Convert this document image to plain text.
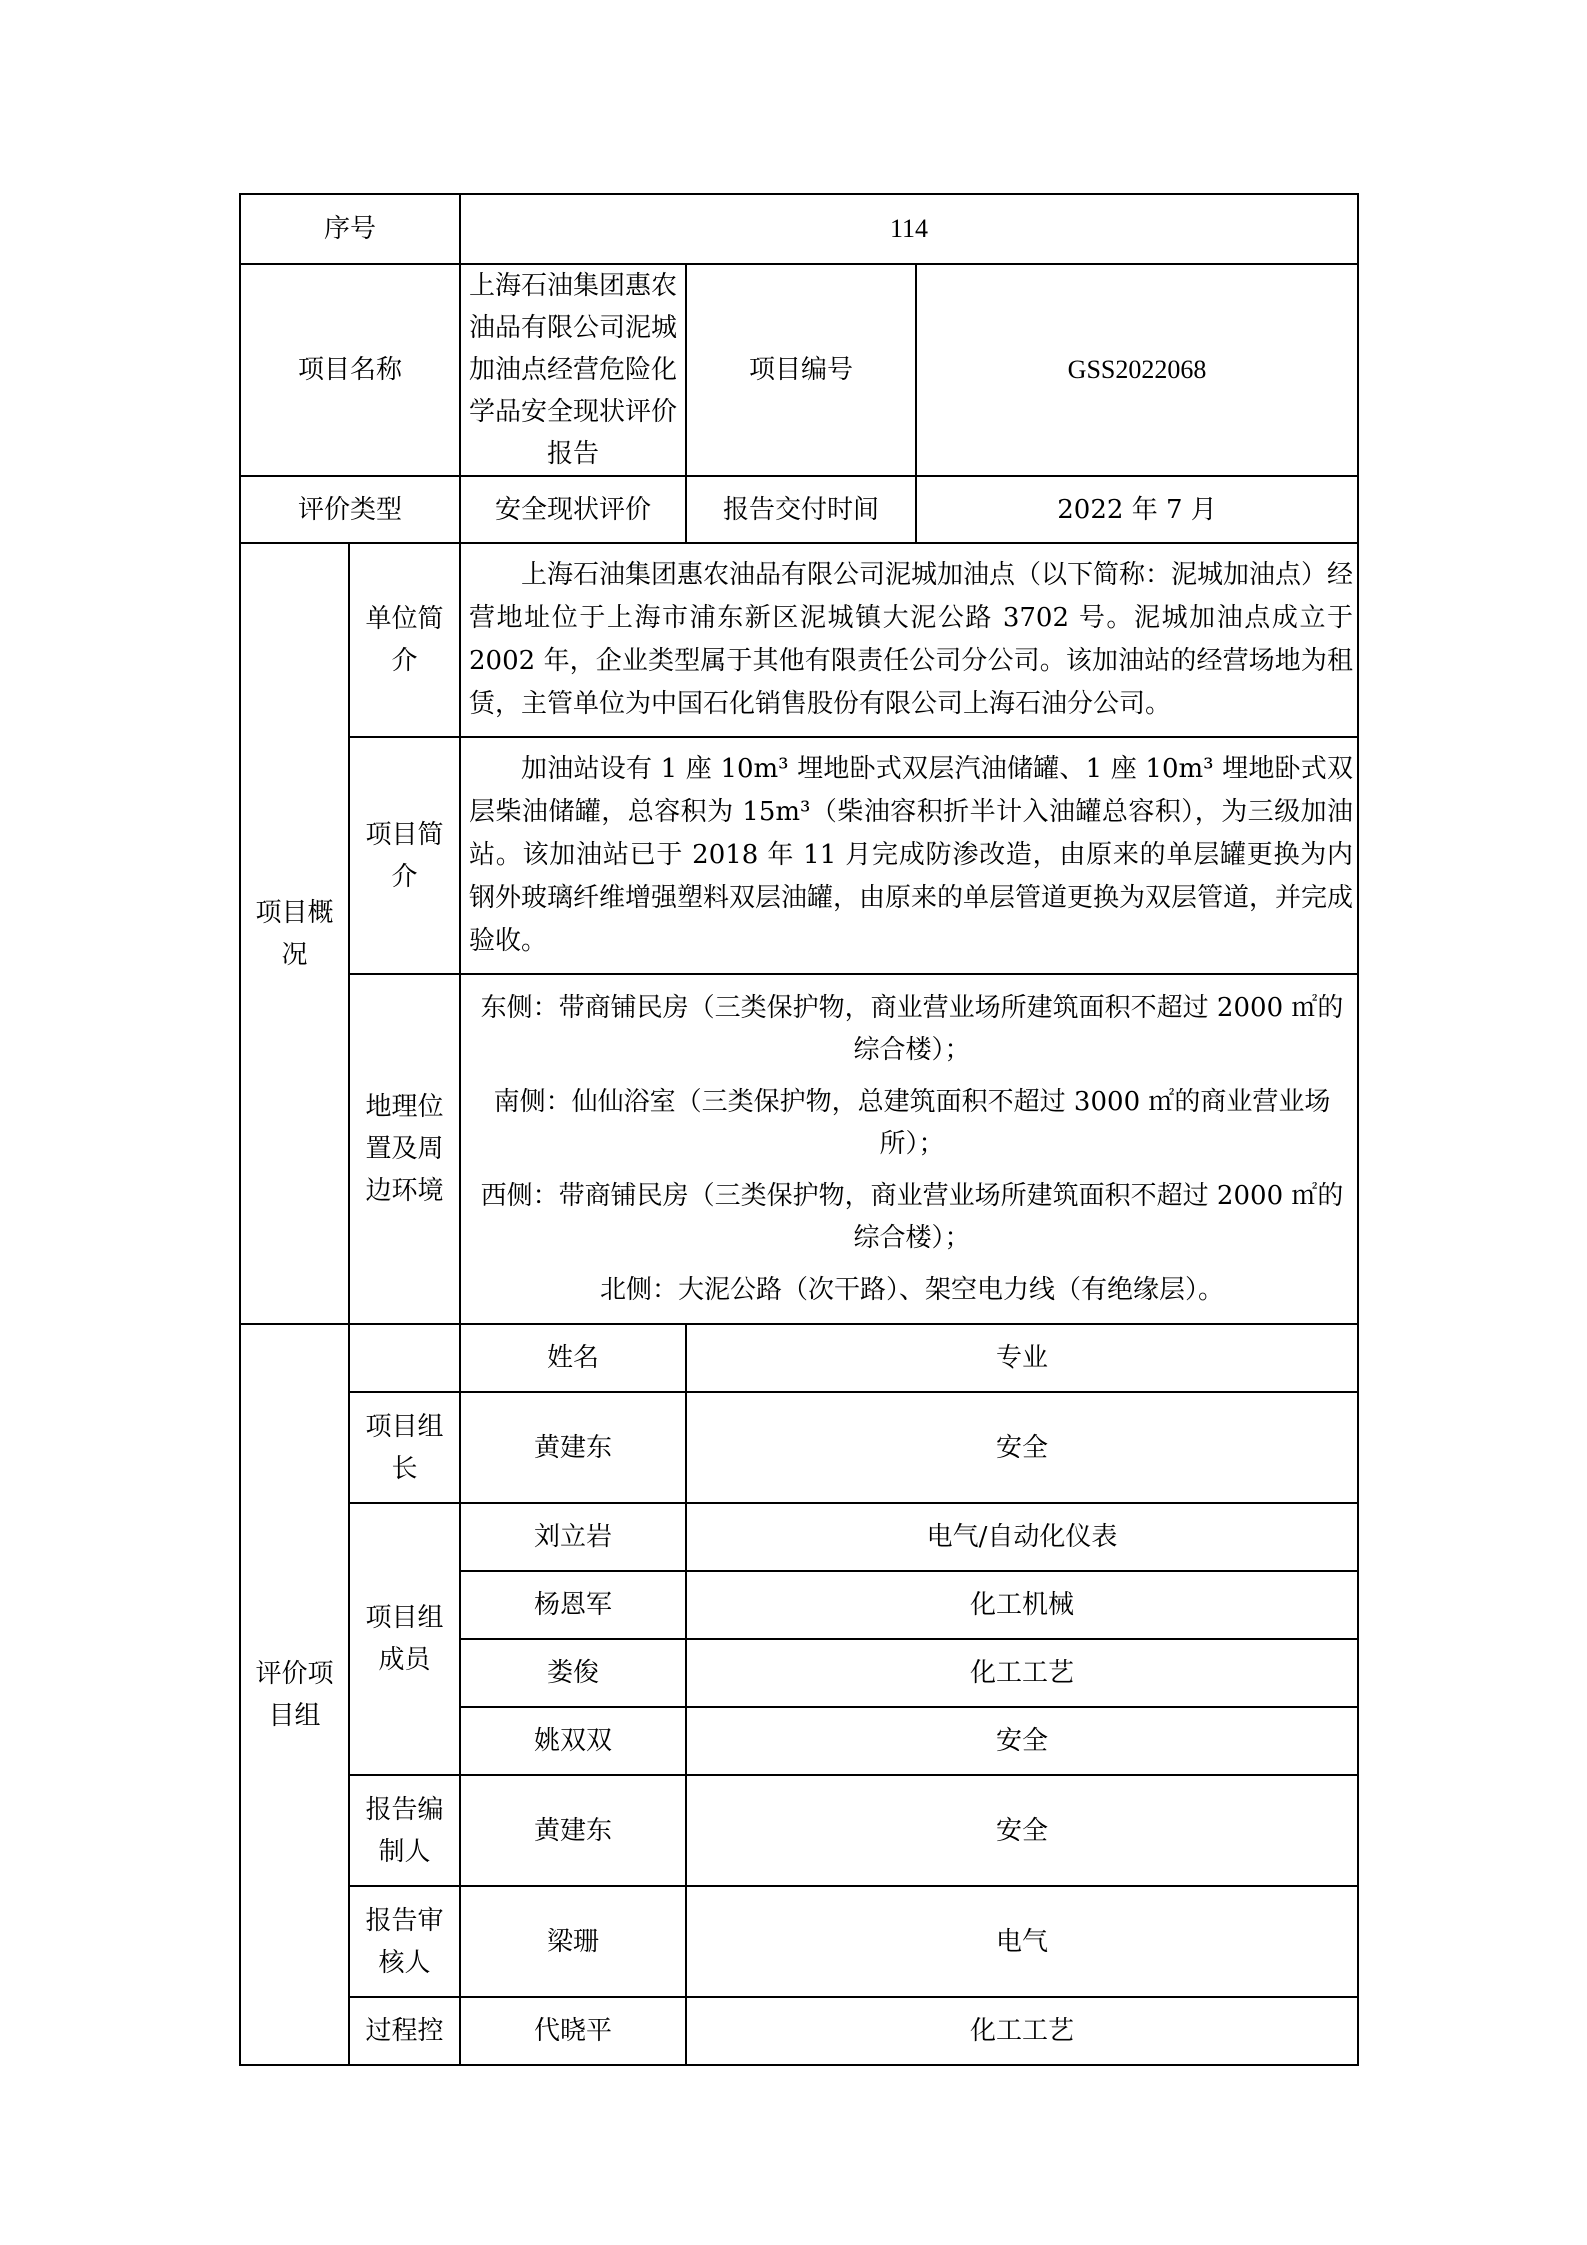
序号		114		
项目名称		上海石油集团惠农油品有限公司泥城加油点经营危险化学品安全现状评价报告	项目编号	GSS2022068
评价类型		安全现状评价	报告交付时间	2022 年 7 月
项目概况	单位简介	上海石油集团惠农油品有限公司泥城加油点（以下简称：泥城加油点）经营地址位于上海市浦东新区泥城镇大泥公路 3702 号。泥城加油点成立于 2002 年，企业类型属于其他有限责任公司分公司。该加油站的经营场地为租赁，主管单位为中国石化销售股份有限公司上海石油分公司。		

	项目简介	加油站设有 1 座 10m³ 埋地卧式双层汽油储罐、1 座 10m³ 埋地卧式双层柴油储罐，总容积为 15m³（柴油容积折半计入油罐总容积），为三级加油站。该加油站已于 2018 年 11 月完成防渗改造，由原来的单层罐更换为内钢外玻璃纤维增强塑料双层油罐，由原来的单层管道更换为双层管道，并完成验收。		

	地理位置及周边环境	东侧：带商铺民房（三类保护物，商业营业场所建筑面积不超过 2000 ㎡的综合楼）；
南侧：仙仙浴室（三类保护物，总建筑面积不超过 3000 ㎡的商业营业场所）；
西侧：带商铺民房（三类保护物，商业营业场所建筑面积不超过 2000 ㎡的综合楼）；
北侧：大泥公路（次干路）、架空电力线（有绝缘层）。		

评价项目组		姓名	专业	
	项目组长	黄建东	安全	
	项目组成员	刘立岩	电气/自动化仪表	
		杨恩军	化工机械	
		娄俊	化工工艺	
		姚双双	安全	
	报告编制人	黄建东	安全	
	报告审核人	梁珊	电气	
	过程控	代晓平	化工工艺	
